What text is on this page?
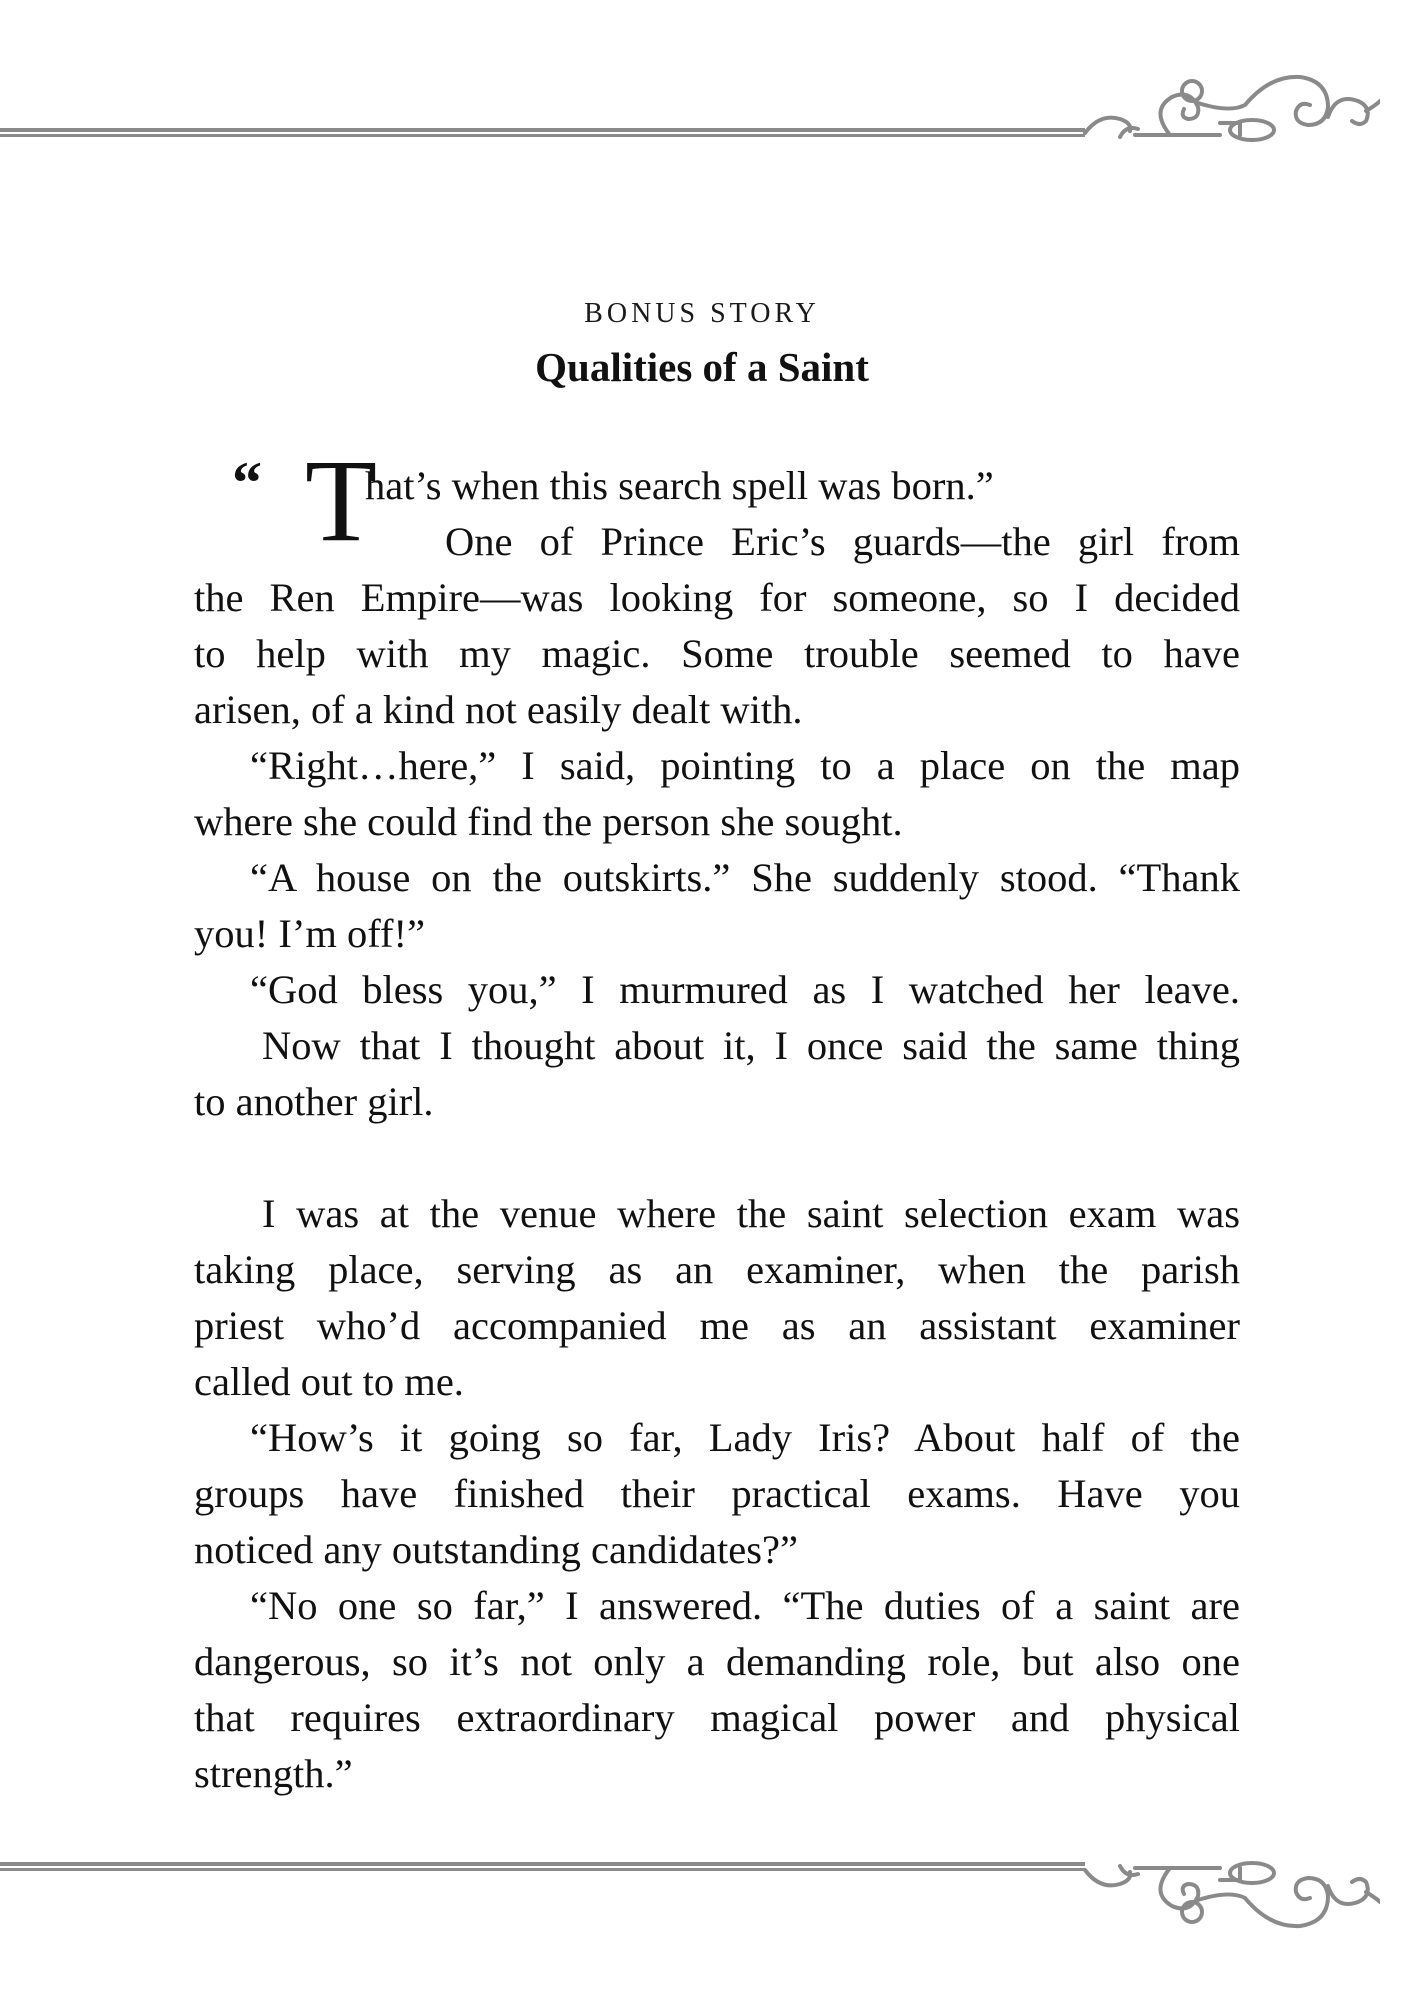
BONUS STORY
Qualities of a Saint
“ T
hat’s when this search spell was born.”
One of Prince Eric’s guards—the girl from
the Ren Empire—was looking for someone, so I decided
to help with my magic. Some trouble seemed to have
arisen, of a kind not easily dealt with.
“Right…here,” I said, pointing to a place on the map
where she could find the person she sought.
“A house on the outskirts.” She suddenly stood. “Thank
you! I’m off!”
“God bless you,” I murmured as I watched her leave.
Now that I thought about it, I once said the same thing
to another girl.
I was at the venue where the saint selection exam was
taking place, serving as an examiner, when the parish
priest who’d accompanied me as an assistant examiner
called out to me.
“How’s it going so far, Lady Iris? About half of the
groups have finished their practical exams. Have you
noticed any outstanding candidates?”
“No one so far,” I answered. “The duties of a saint are
dangerous, so it’s not only a demanding role, but also one
that requires extraordinary magical power and physical
strength.”
